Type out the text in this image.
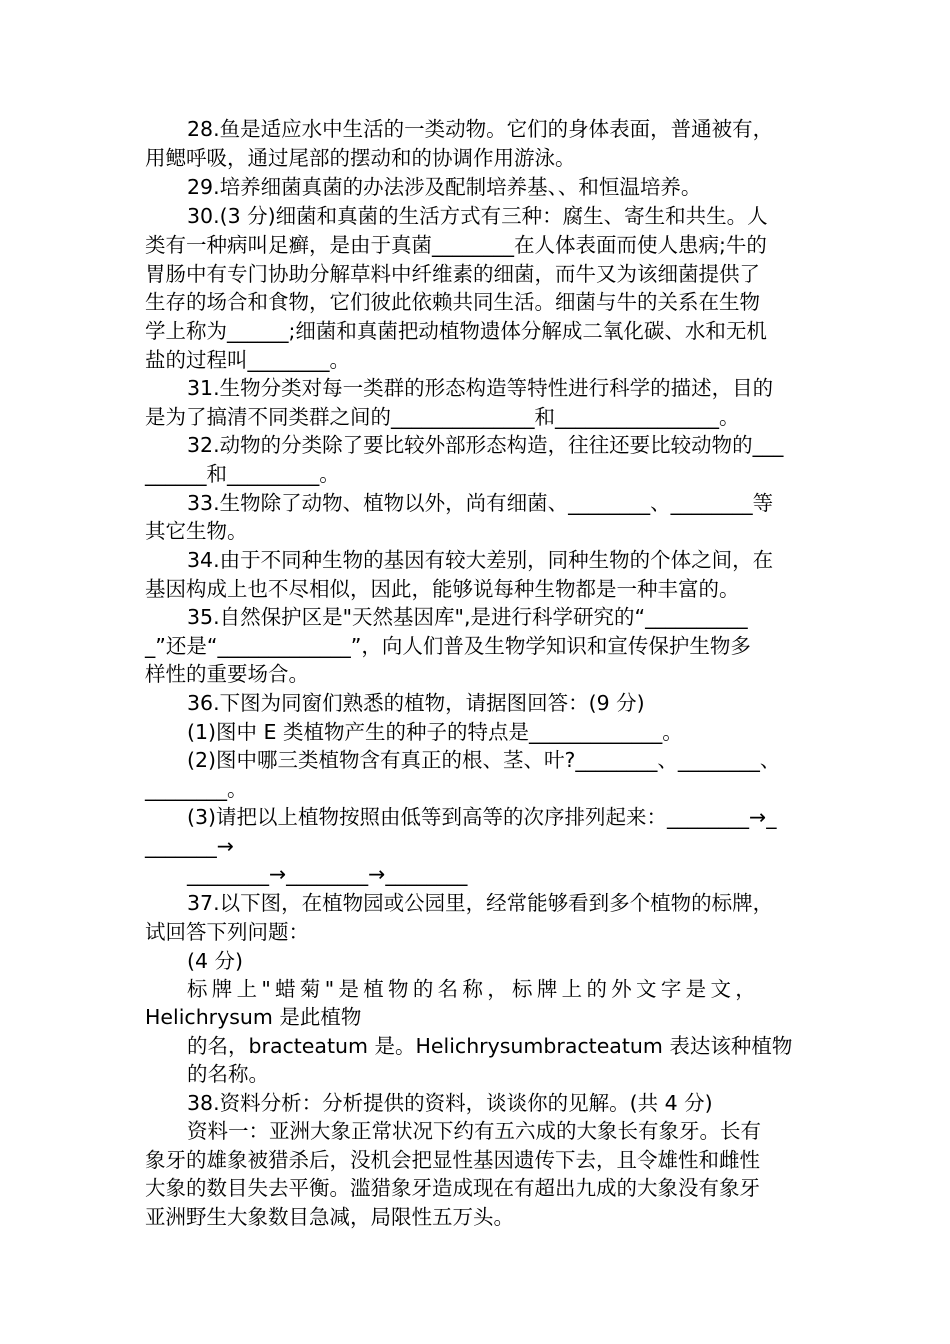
28.鱼是适应水中生活的一类动物。它们的身体表面，普通被有，
用鳃呼吸，通过尾部的摆动和的协调作用游泳。
29.培养细菌真菌的办法涉及配制培养基、、和恒温培养。
30.(3 分)细菌和真菌的生活方式有三种：腐生、寄生和共生。人
类有一种病叫足癣，是由于真菌________在人体表面而使人患病;牛的
胃肠中有专门协助分解草料中纤维素的细菌，而牛又为该细菌提供了
生存的场合和食物，它们彼此依赖共同生活。细菌与牛的关系在生物
学上称为______;细菌和真菌把动植物遗体分解成二氧化碳、水和无机
盐的过程叫________。
31.生物分类对每一类群的形态构造等特性进行科学的描述，目的
是为了搞清不同类群之间的______________和________________。
32.动物的分类除了要比较外部形态构造，往往还要比较动物的___
______和_________。
33.生物除了动物、植物以外，尚有细菌、________、________等
其它生物。
34.由于不同种生物的基因有较大差别，同种生物的个体之间，在
基因构成上也不尽相似，因此，能够说每种生物都是一种丰富的。
35.自然保护区是"天然基因库",是进行科学研究的“__________
_”还是“_____________”，向人们普及生物学知识和宣传保护生物多
样性的重要场合。
36.下图为同窗们熟悉的植物，请据图回答：(9 分)
(1)图中 E 类植物产生的种子的特点是_____________。
(2)图中哪三类植物含有真正的根、茎、叶?________、________、
________。
(3)请把以上植物按照由低等到高等的次序排列起来：________→_
_______→
________→________→________
37.以下图，在植物园或公园里，经常能够看到多个植物的标牌，
试回答下列问题：
(4 分)
标牌上"蜡菊"是植物的名称，标牌上的外文字是文，
Helichrysum 是此植物
的名，bracteatum 是。Helichrysumbracteatum 表达该种植物
的名称。
38.资料分析：分析提供的资料，谈谈你的见解。(共 4 分)
资料一：亚洲大象正常状况下约有五六成的大象长有象牙。长有
象牙的雄象被猎杀后，没机会把显性基因遗传下去，且令雄性和雌性
大象的数目失去平衡。滥猎象牙造成现在有超出九成的大象没有象牙
亚洲野生大象数目急减，局限性五万头。
